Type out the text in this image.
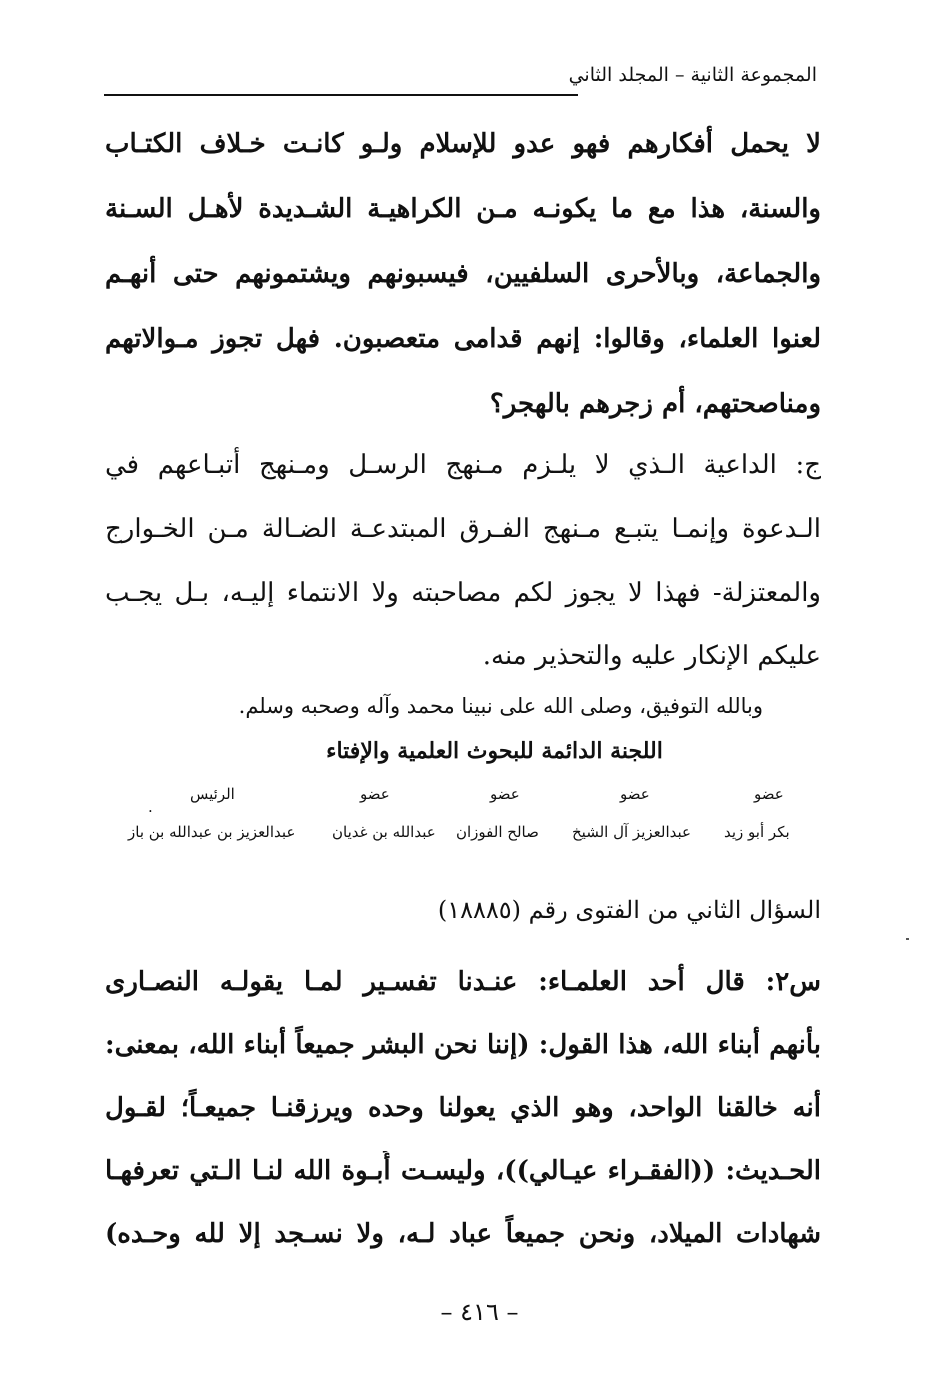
المجموعة الثانية – المجلد الثاني
لا يحمل أفكارهم فهو عدو للإسلام ولـو كانـت خـلاف الكتـاب
والسنة، هذا مع ما يكونـه مـن الكراهيـة الشـديدة لأهـل السـنة
والجماعة، وبالأحرى السلفيين، فيسبونهم ويشتمونهم حتى أنهـم
لعنوا العلماء، وقالوا: إنهم قدامى متعصبون. فهل تجوز مـوالاتهم
ومناصحتهم، أم زجرهم بالهجر؟
ج: الداعية الـذي لا يلـزم مـنهج الرسـل ومـنهج أتبـاعهم في
الـدعوة وإنمـا يتبـع مـنهج الفـرق المبتدعـة الضـالة مـن الخـوارج
والمعتزلة- فهذا لا يجوز لكم مصاحبته ولا الانتماء إليـه، بـل يجـب
عليكم الإنكار عليه والتحذير منه.
وبالله التوفيق، وصلى الله على نبينا محمد وآله وصحبه وسلم.
اللجنة الدائمة للبحوث العلمية والإفتاء
عضو
عضو
عضو
عضو
الرئيس
.
بكر أبو زيد
عبدالعزيز آل الشيخ
صالح الفوزان
عبدالله بن غديان
عبدالعزيز بن عبدالله بن باز
السؤال الثاني من الفتوى رقم (١٨٨٨٥)
س٢: قال أحد العلمـاء: عنـدنا تفسـير لمـا يقولـه النصـارى
بأنهم أبناء الله، هذا القول: (إننا نحن البشر جميعاً أبناء الله، بمعنى:
أنه خالقنا الواحد، وهو الذي يعولنا وحده ويرزقنـا جميعـاً؛ لقـول
الحـديث: ((الفقـراء عيـالي))، وليسـت أُبـوة الله لنـا الـتي تعرفهـا
شهادات الميلاد، ونحن جميعاً عباد لـه، ولا نسـجد إلا لله وحـده)
– ٤١٦ –
